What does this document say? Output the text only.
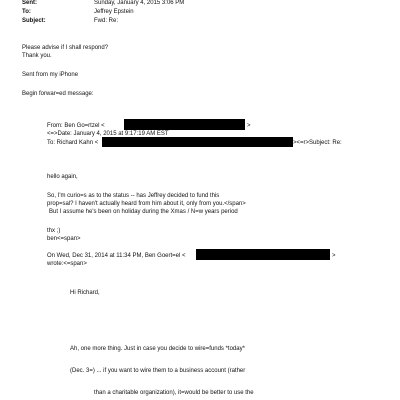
Sent:	Sunday, January 4, 2015 3:06 PM
To:	Jeffrey Epstein
Subject:	Fwd: Re:
Please advise if I shall respond?
Thank you.
Sent from my iPhone
Begin forwar=ed message:
From: Ben Go=rtzel <	>
<=>Date: January 4, 2015 at 9:17:19 AM EST
To: Richard Kahn <	><=r>Subject: Re:
hello again,
So, I'm curio=s as to the status -- has Jeffrey decided to fund this
prop=sal? I haven't actually heard from him about it, only from you.</span>
But I assume he's been on holiday during the Xmas / N=w years period
thx ;)
ben<=span>
On Wed, Dec 31, 2014 at 11:34 PM, Ben Goert=el <	>
wrote:<=span>
Hi Richard,
Ah, one more thing. Just in case you decide to wire=funds *today*
(Dec. 3=) ... if you want to wire them to a business account (rather
than a charitable organization), it=would be better to use the
